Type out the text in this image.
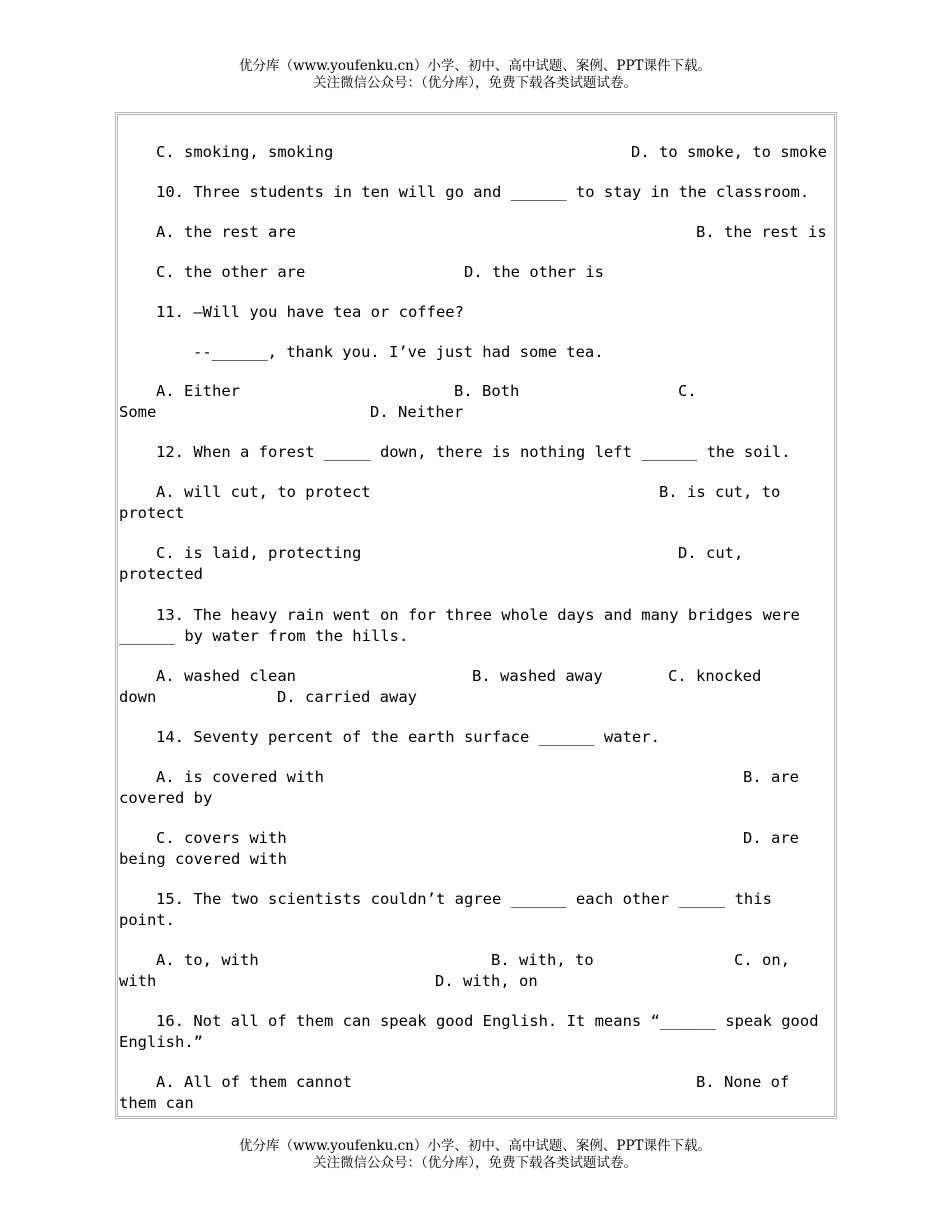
优分库（www.youfenku.cn）小学、初中、高中试题、案例、PPT课件下载。
关注微信公众号：（优分库），免费下载各类试题试卷。
C. smoking, smoking	D. to smoke, to smoke
10. Three students in ten will go and ______ to stay in the classroom.
A. the rest are	B. the rest is
C. the other are	D. the other is
11. —Will you have tea or coffee?
--______, thank you. I’ve just had some tea.
A. Either	B. Both	C.
Some	D. Neither
12. When a forest _____ down, there is nothing left ______ the soil.
A. will cut, to protect	B. is cut, to
protect
C. is laid, protecting	D. cut,
protected
13. The heavy rain went on for three whole days and many bridges were
______ by water from the hills.
A. washed clean	B. washed away	C. knocked
down	D. carried away
14. Seventy percent of the earth surface ______ water.
A. is covered with	B. are
covered by
C. covers with	D. are
being covered with
15. The two scientists couldn’t agree ______ each other _____ this
point.
A. to, with	B. with, to	C. on,
with	D. with, on
16. Not all of them can speak good English. It means “______ speak good
English.”
A. All of them cannot	B. None of
them can
优分库（www.youfenku.cn）小学、初中、高中试题、案例、PPT课件下载。
关注微信公众号：（优分库），免费下载各类试题试卷。
